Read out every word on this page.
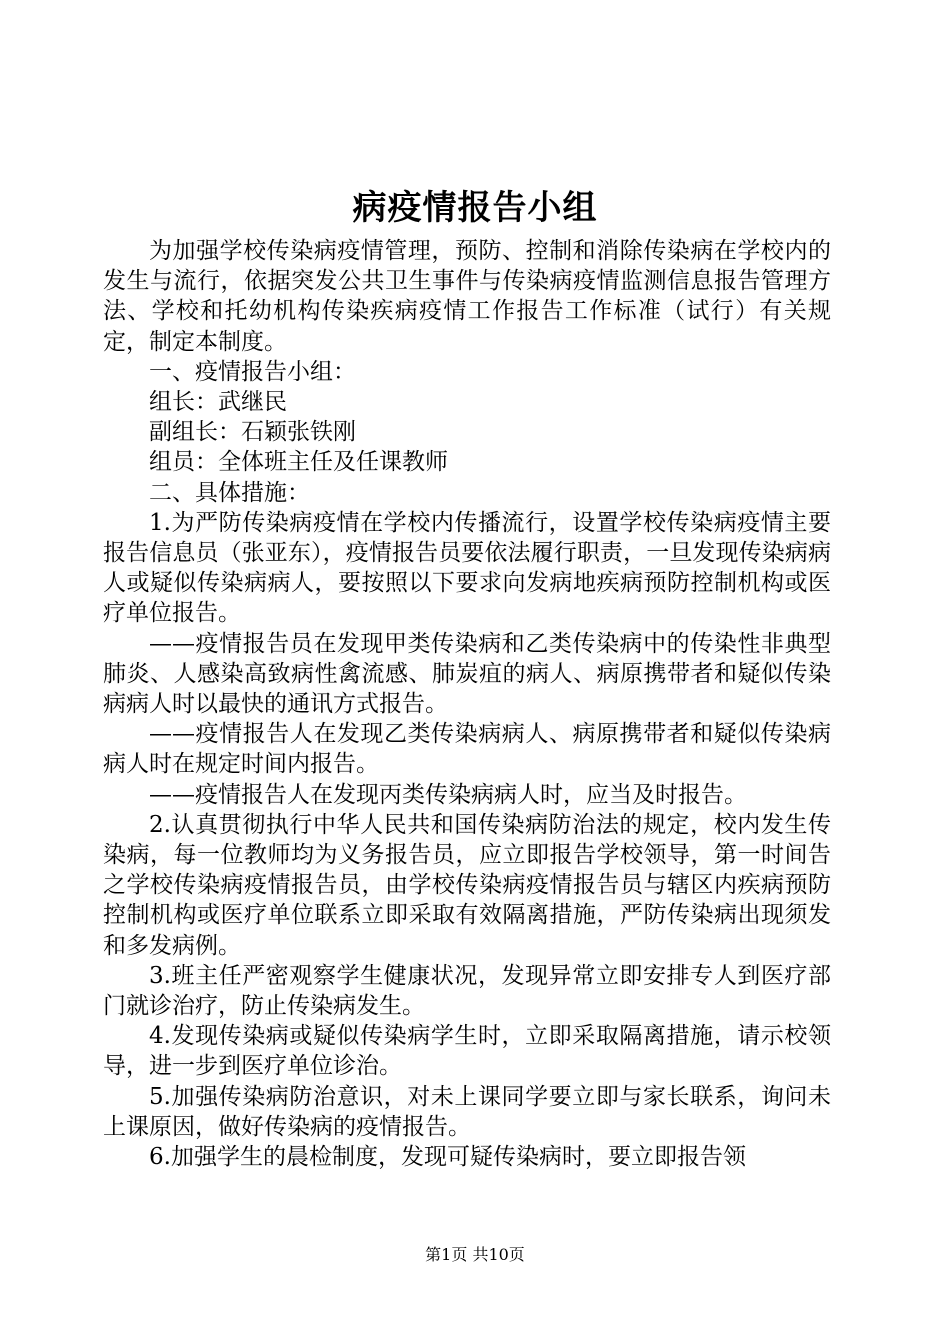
病疫情报告小组

为加强学校传染病疫情管理，预防、控制和消除传染病在学校内的发生与流行，依据突发公共卫生事件与传染病疫情监测信息报告管理方法、学校和托幼机构传染疾病疫情工作报告工作标准（试行）有关规定，制定本制度。

一、疫情报告小组：

组长：武继民

副组长：石颖张铁刚

组员：全体班主任及任课教师

二、具体措施：

1.为严防传染病疫情在学校内传播流行，设置学校传染病疫情主要报告信息员（张亚东），疫情报告员要依法履行职责，一旦发现传染病病人或疑似传染病病人，要按照以下要求向发病地疾病预防控制机构或医疗单位报告。

——疫情报告员在发现甲类传染病和乙类传染病中的传染性非典型肺炎、人感染高致病性禽流感、肺炭疽的病人、病原携带者和疑似传染病病人时以最快的通讯方式报告。

——疫情报告人在发现乙类传染病病人、病原携带者和疑似传染病病人时在规定时间内报告。

——疫情报告人在发现丙类传染病病人时，应当及时报告。

2.认真贯彻执行中华人民共和国传染病防治法的规定，校内发生传染病，每一位教师均为义务报告员，应立即报告学校领导，第一时间告之学校传染病疫情报告员，由学校传染病疫情报告员与辖区内疾病预防控制机构或医疗单位联系立即采取有效隔离措施，严防传染病出现须发和多发病例。

3.班主任严密观察学生健康状况，发现异常立即安排专人到医疗部门就诊治疗，防止传染病发生。

4.发现传染病或疑似传染病学生时，立即采取隔离措施，请示校领导，进一步到医疗单位诊治。

5.加强传染病防治意识，对未上课同学要立即与家长联系，询问未上课原因，做好传染病的疫情报告。

6.加强学生的晨检制度，发现可疑传染病时，要立即报告领

第1页 共10页
